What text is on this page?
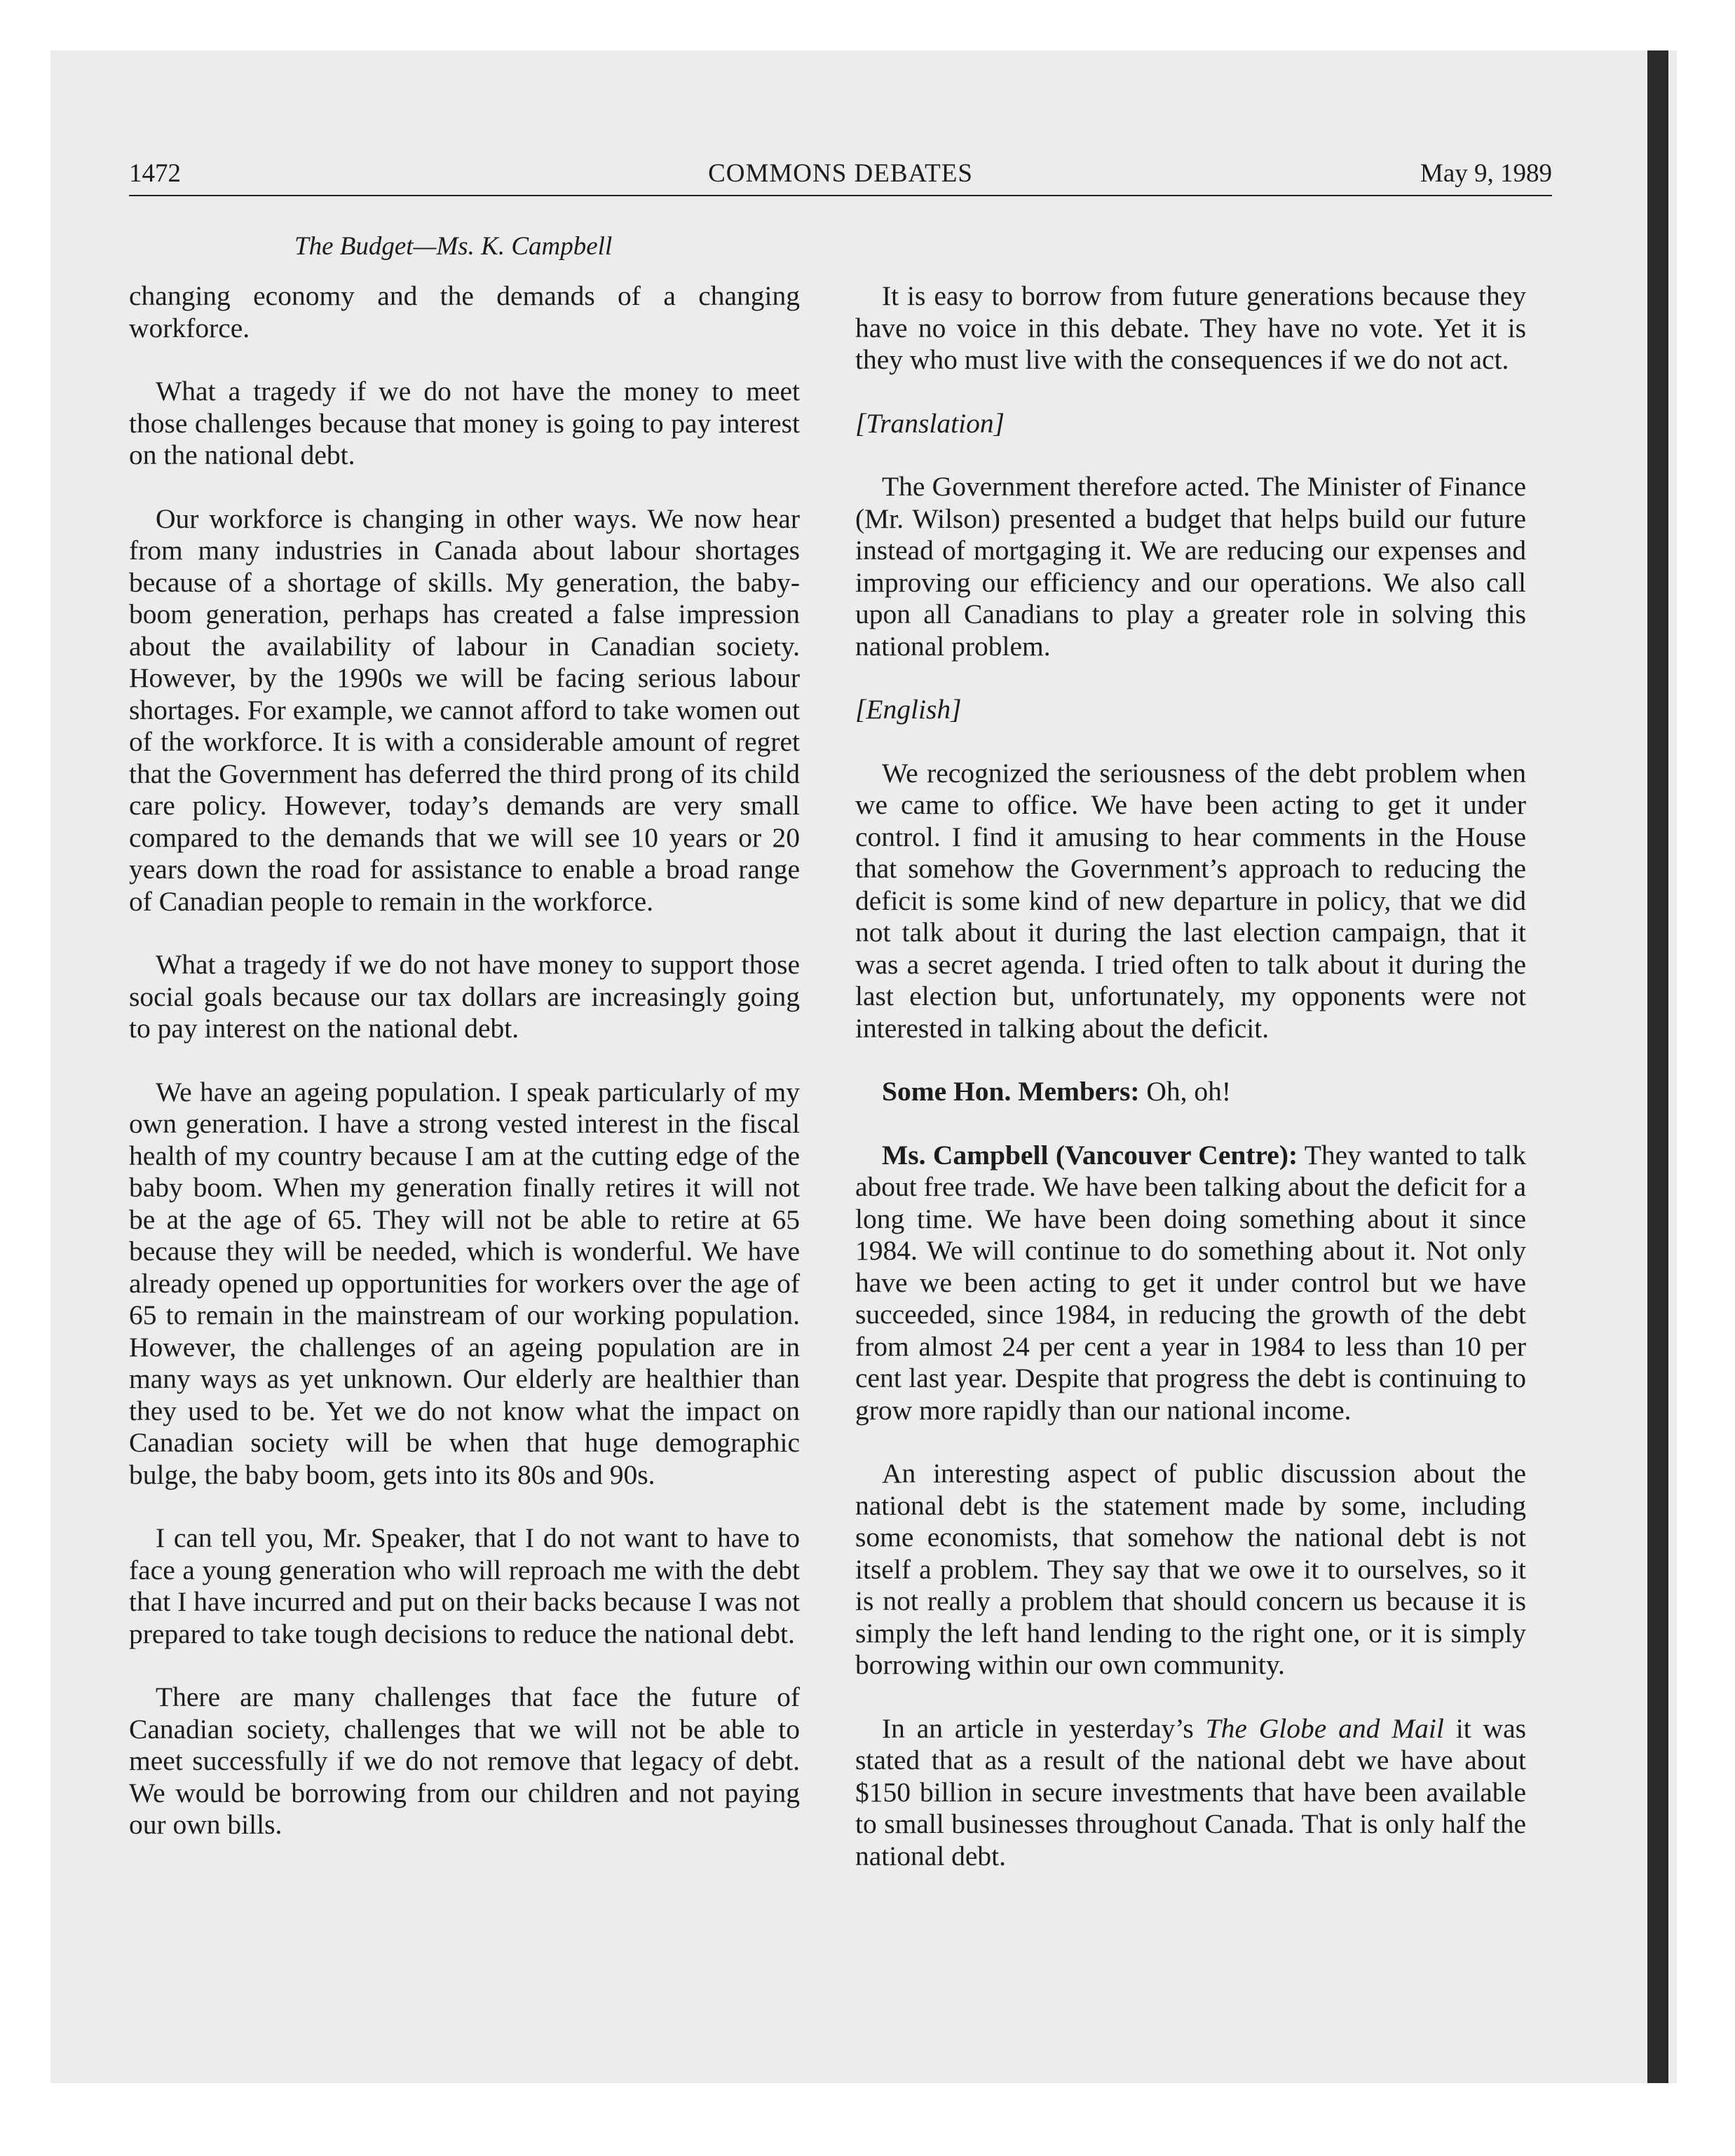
1472	COMMONS DEBATES	May 9, 1989
The Budget—Ms. K. Campbell

changing economy and the demands of a changing workforce.

What a tragedy if we do not have the money to meet those challenges because that money is going to pay interest on the national debt.

Our workforce is changing in other ways. We now hear from many industries in Canada about labour shortages because of a shortage of skills. My generation, the baby-boom generation, perhaps has created a false impression about the availability of labour in Canadian society. However, by the 1990s we will be facing serious labour shortages. For example, we cannot afford to take women out of the workforce. It is with a considerable amount of regret that the Government has deferred the third prong of its child care policy. However, today’s demands are very small compared to the demands that we will see 10 years or 20 years down the road for assistance to enable a broad range of Canadian people to remain in the workforce.

What a tragedy if we do not have money to support those social goals because our tax dollars are increasingly going to pay interest on the national debt.

We have an ageing population. I speak particularly of my own generation. I have a strong vested interest in the fiscal health of my country because I am at the cutting edge of the baby boom. When my generation finally retires it will not be at the age of 65. They will not be able to retire at 65 because they will be needed, which is wonderful. We have already opened up opportunities for workers over the age of 65 to remain in the mainstream of our working population. However, the challenges of an ageing population are in many ways as yet unknown. Our elderly are healthier than they used to be. Yet we do not know what the impact on Canadian society will be when that huge demographic bulge, the baby boom, gets into its 80s and 90s.

I can tell you, Mr. Speaker, that I do not want to have to face a young generation who will reproach me with the debt that I have incurred and put on their backs because I was not prepared to take tough decisions to reduce the national debt.

There are many challenges that face the future of Canadian society, challenges that we will not be able to meet successfully if we do not remove that legacy of debt. We would be borrowing from our children and not paying our own bills.

It is easy to borrow from future generations because they have no voice in this debate. They have no vote. Yet it is they who must live with the consequences if we do not act.

[Translation]

The Government therefore acted. The Minister of Finance (Mr. Wilson) presented a budget that helps build our future instead of mortgaging it. We are reducing our expenses and improving our efficiency and our operations. We also call upon all Canadians to play a greater role in solving this national problem.

[English]

We recognized the seriousness of the debt problem when we came to office. We have been acting to get it under control. I find it amusing to hear comments in the House that somehow the Government’s approach to reducing the deficit is some kind of new departure in policy, that we did not talk about it during the last election campaign, that it was a secret agenda. I tried often to talk about it during the last election but, unfortunately, my opponents were not interested in talking about the deficit.

Some Hon. Members: Oh, oh!

Ms. Campbell (Vancouver Centre): They wanted to talk about free trade. We have been talking about the deficit for a long time. We have been doing something about it since 1984. We will continue to do something about it. Not only have we been acting to get it under control but we have succeeded, since 1984, in reducing the growth of the debt from almost 24 per cent a year in 1984 to less than 10 per cent last year. Despite that progress the debt is continuing to grow more rapidly than our national income.

An interesting aspect of public discussion about the national debt is the statement made by some, including some economists, that somehow the national debt is not itself a problem. They say that we owe it to ourselves, so it is not really a problem that should concern us because it is simply the left hand lending to the right one, or it is simply borrowing within our own community.

In an article in yesterday’s The Globe and Mail it was stated that as a result of the national debt we have about $150 billion in secure investments that have been available to small businesses throughout Canada. That is only half the national debt.
